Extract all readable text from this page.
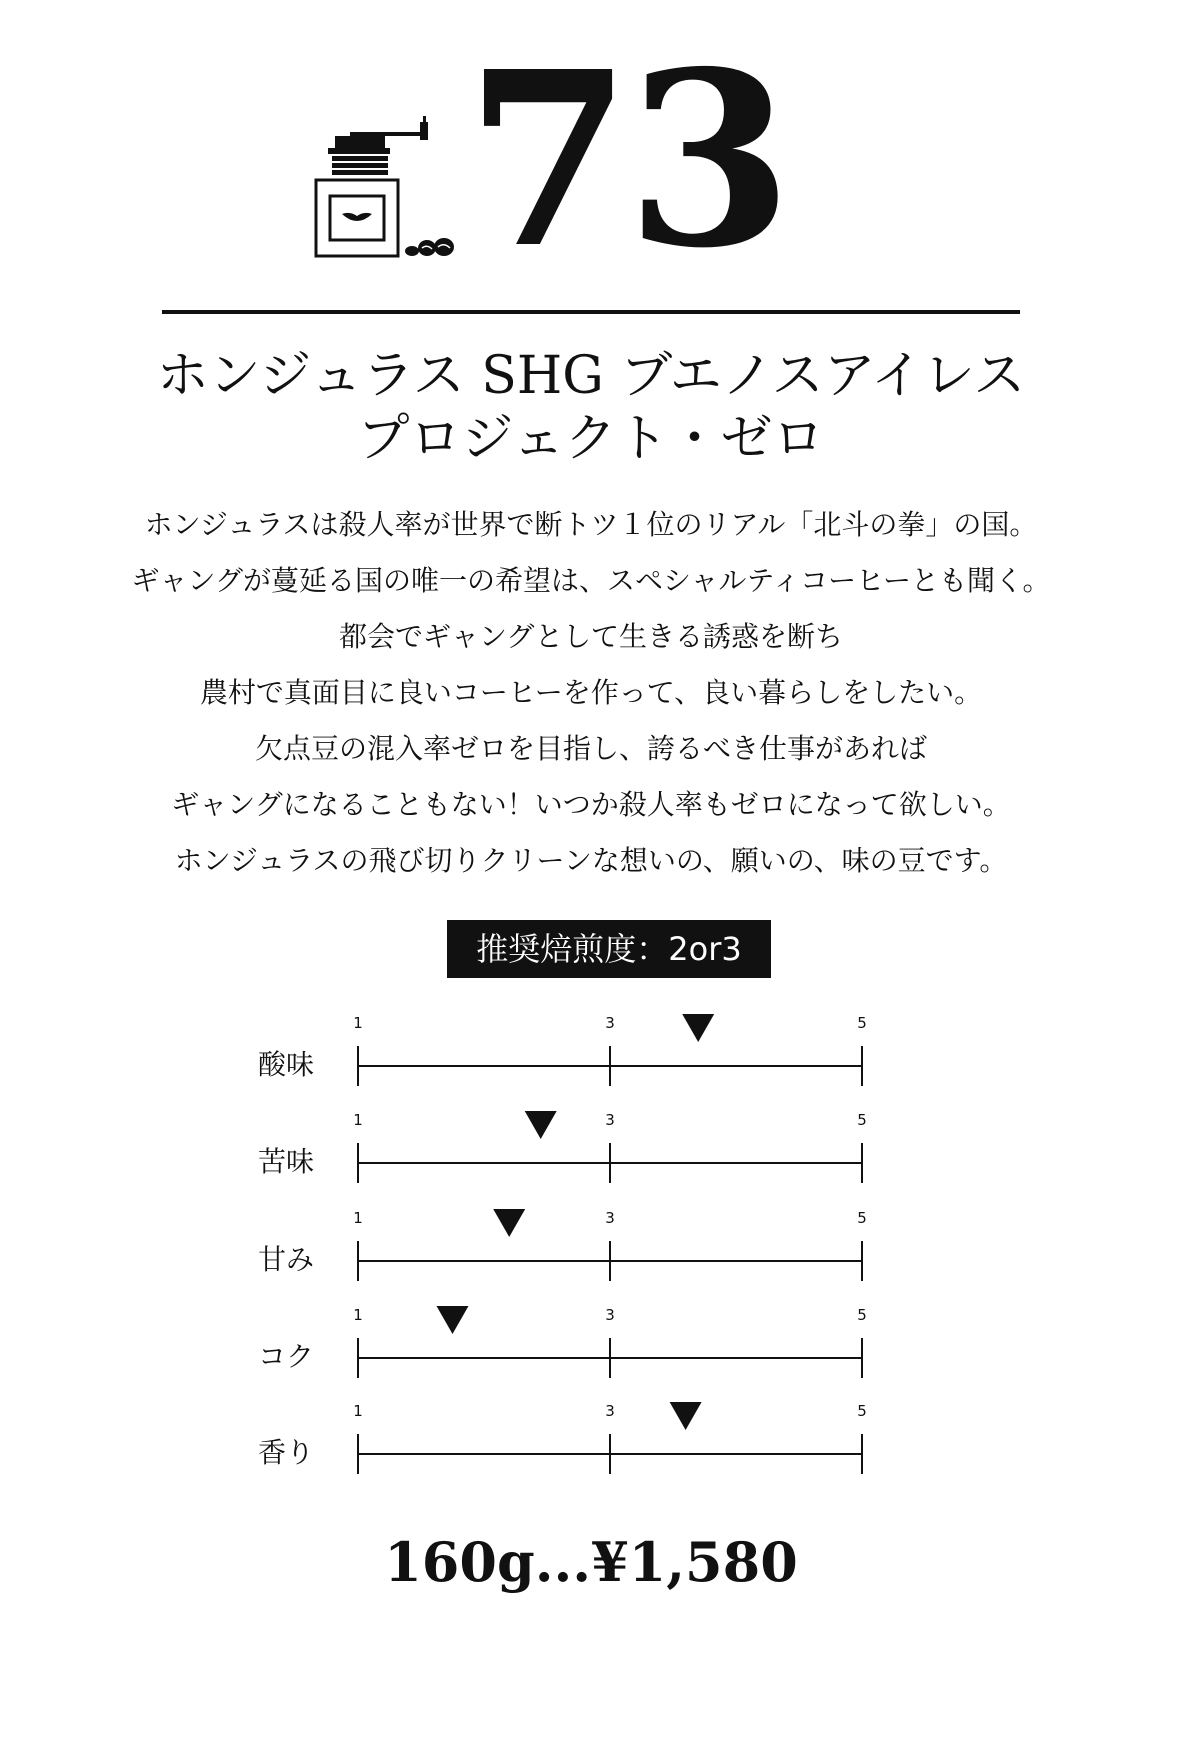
73
ホンジュラス SHG ブエノスアイレス
プロジェクト・ゼロ
ホンジュラスは殺人率が世界で断トツ１位のリアル「北斗の拳」の国。
ギャングが蔓延る国の唯一の希望は、スペシャルティコーヒーとも聞く。
都会でギャングとして生きる誘惑を断ち
農村で真面目に良いコーヒーを作って、良い暮らしをしたい。
欠点豆の混入率ゼロを目指し、誇るべき仕事があれば
ギャングになることもない！いつか殺人率もゼロになって欲しい。
ホンジュラスの飛び切りクリーンな想いの、願いの、味の豆です。
推奨焙煎度：2or3
1	3	5
酸味
1	3	5
苦味
1	3	5
甘み
1	3	5
コク
1	3	5
香り
160g...¥1,580
